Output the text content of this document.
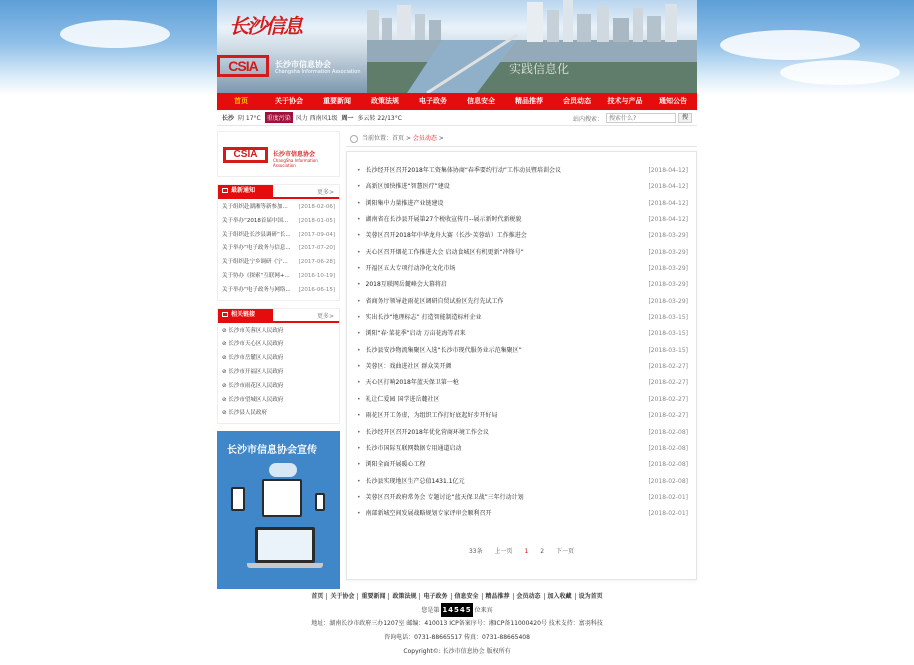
长沙信息
CSIA	长沙市信息协会
Changsha Information Association	实践信息化
首页	关于协会	重要新闻	政策法规	电子政务	信息安全	精品推荐	会员动态	技术与产品	通知公告
长沙 阴 17°C	重度污染 风力 西南风1级 周一 多云转 22/13°C	站内搜索：
搜索什么?	搜
CSIA	长沙市信息协会
ChangSha Information Association
最新通知	更多>
关于组织赴湖湘等新参加... [2018-02-06]
关于举办“2018首届中国... [2018-01-05]
关于组织赴长沙县调研“长... [2017-09-04]
关于举办“电子政务与信息... [2017-07-20]
关于组织赴宁乡调研《宁... [2017-06-28]
关于协办《探索“互联网+... [2016-10-19]
关于举办“电子政务与网络... [2016-06-15]
相关链接	更多>
⊘ 长沙市芙蓉区人民政府
⊘ 长沙市天心区人民政府
⊘ 长沙市岳麓区人民政府
⊘ 长沙市开福区人民政府
⊘ 长沙市雨花区人民政府
⊘ 长沙市望城区人民政府
⊘ 长沙县人民政府
长沙市信息协会宣传
当前位置：首页 > 会员动态 >
• 长沙经开区召开2018年工资集体协商“春季要约行动”工作动员暨培训会议	[2018-04-12]
• 高新区加快推进“智慧医疗”建设	[2018-04-12]
• 浏阳集中力量推进产业链建设	[2018-04-12]
• 湖南省在长沙县开展第27个税收宣传月--展示新时代新税貌	[2018-04-12]
• 芙蓉区召开2018年中华龙舟大赛（长沙·芙蓉站）工作推进会	[2018-03-29]
• 天心区召开烟花工作推进大会 启动食城区有机更新“冲锋号”	[2018-03-29]
• 开福区五大专项行动净化文化市场	[2018-03-29]
• 2018互联网岳麓峰会大幕将启	[2018-03-29]
• 省商务厅领导赴雨花区调研自贸试验区先行先试工作	[2018-03-29]
• 实出长沙“地理标志” 打造智能制造标杆企业	[2018-03-15]
• 浏阳“春·菜花季”启动 万亩花海等君来	[2018-03-15]
• 长沙县安沙物流集聚区入选“长沙市现代服务业示范集聚区”	[2018-03-15]
• 芙蓉区：戏曲进社区 群众笑开颜	[2018-02-27]
• 天心区打响2018年蓝天保卫第一枪	[2018-02-27]
• 礼让仁爱园 国学进岳麓社区	[2018-02-27]
• 雨花区开工务虚，为组织工作打好底起好步开好局	[2018-02-27]
• 长沙经开区召开2018年优化营商环境工作会议	[2018-02-08]
• 长沙市国际互联网数据专用通道启动	[2018-02-08]
• 浏阳全面开展暖心工程	[2018-02-08]
• 长沙县实现地区生产总值1431.1亿元	[2018-02-08]
• 芙蓉区召开政府常务会 专题讨论“蓝天保卫战”三年行动计划	[2018-02-01]
• 南部新城空间发展战略规划专家评审会顺利召开	[2018-02-01]
33条 上一页 1 2 下一页
首页 关于协会 重要新闻 政策法规 电子政务 信息安全 精品推荐 会员动态 加入收藏 设为首页
您是第 14545 位来宾
地址：湖南长沙市政府三办1207室 邮编：410013 ICP备案序号：湘ICP备11000420号 技术支持：富羽科技
咨询电话：0731-88665517 传真：0731-88665408
Copyright©: 长沙市信息协会 版权所有
